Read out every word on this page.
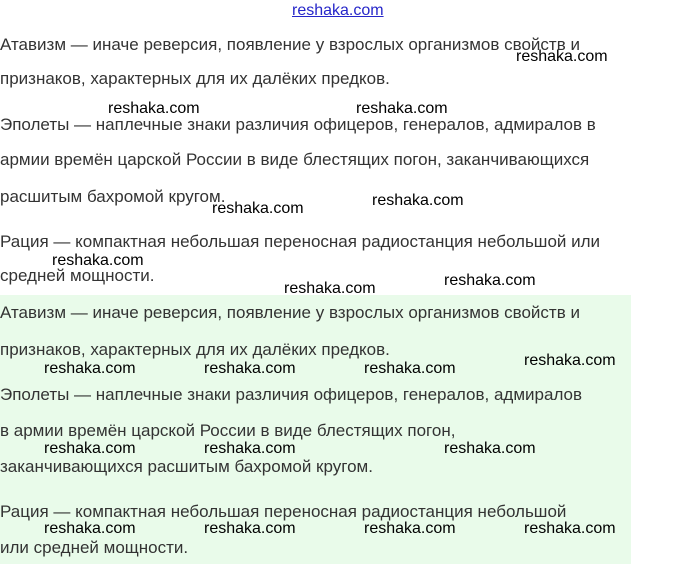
reshaka.com
Атавизм — иначе реверсия, появление у взрослых организмов свойств и
признаков, характерных для их далёких предков.
Эполеты — наплечные знаки различия офицеров, генералов, адмиралов в
армии времён царской России в виде блестящих погон, заканчивающихся
расшитым бахромой кругом.
Рация — компактная небольшая переносная радиостанция небольшой или
средней мощности.
Атавизм — иначе реверсия, появление у взрослых организмов свойств и
признаков, характерных для их далёких предков.
Эполеты — наплечные знаки различия офицеров, генералов, адмиралов
в армии времён царской России в виде блестящих погон,
заканчивающихся расшитым бахромой кругом.
Рация — компактная небольшая переносная радиостанция небольшой
или средней мощности.
reshaka.com
reshaka.com	reshaka.com
reshaka.com
reshaka.com
reshaka.com
reshaka.com
reshaka.com
reshaka.com
reshaka.com	reshaka.com	reshaka.com
reshaka.com	reshaka.com	reshaka.com
reshaka.com	reshaka.com	reshaka.com	reshaka.com
